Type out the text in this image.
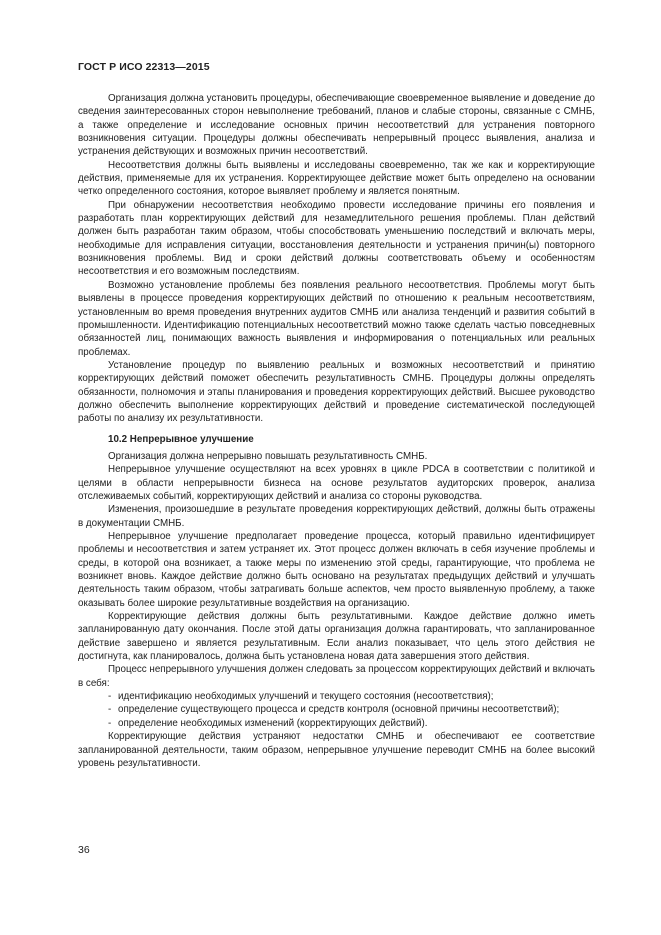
ГОСТ Р ИСО 22313—2015

Организация должна установить процедуры, обеспечивающие своевременное выявление и доведение до сведения заинтересованных сторон невыполнение требований, планов и слабые стороны, связанные с СМНБ, а также определение и исследование основных причин несоответствий для устранения повторного возникновения ситуации. Процедуры должны обеспечивать непрерывный процесс выявления, анализа и устранения действующих и возможных причин несоответствий.

Несоответствия должны быть выявлены и исследованы своевременно, так же как и корректирующие действия, применяемые для их устранения. Корректирующее действие может быть определено на основании четко определенного состояния, которое выявляет проблему и является понятным.

При обнаружении несоответствия необходимо провести исследование причины его появления и разработать план корректирующих действий для незамедлительного решения проблемы. План действий должен быть разработан таким образом, чтобы способствовать уменьшению последствий и включать меры, необходимые для исправления ситуации, восстановления деятельности и устранения причин(ы) повторного возникновения проблемы. Вид и сроки действий должны соответствовать объему и особенностям несоответствия и его возможным последствиям.

Возможно установление проблемы без появления реального несоответствия. Проблемы могут быть выявлены в процессе проведения корректирующих действий по отношению к реальным несоответствиям, установленным во время проведения внутренних аудитов СМНБ или анализа тенденций и развития событий в промышленности. Идентификацию потенциальных несоответствий можно также сделать частью повседневных обязанностей лиц, понимающих важность выявления и информирования о потенциальных или реальных проблемах.

Установление процедур по выявлению реальных и возможных несоответствий и принятию корректирующих действий поможет обеспечить результативность СМНБ. Процедуры должны определять обязанности, полномочия и этапы планирования и проведения корректирующих действий. Высшее руководство должно обеспечить выполнение корректирующих действий и проведение систематической последующей работы по анализу их результативности.

10.2 Непрерывное улучшение

Организация должна непрерывно повышать результативность СМНБ.

Непрерывное улучшение осуществляют на всех уровнях в цикле PDCA в соответствии с политикой и целями в области непрерывности бизнеса на основе результатов аудиторских проверок, анализа отслеживаемых событий, корректирующих действий и анализа со стороны руководства.

Изменения, произошедшие в результате проведения корректирующих действий, должны быть отражены в документации СМНБ.

Непрерывное улучшение предполагает проведение процесса, который правильно идентифицирует проблемы и несоответствия и затем устраняет их. Этот процесс должен включать в себя изучение проблемы и среды, в которой она возникает, а также меры по изменению этой среды, гарантирующие, что проблема не возникнет вновь. Каждое действие должно быть основано на результатах предыдущих действий и улучшать деятельность таким образом, чтобы затрагивать больше аспектов, чем просто выявленную проблему, а также оказывать более широкие результативные воздействия на организацию.

Корректирующие действия должны быть результативными. Каждое действие должно иметь запланированную дату окончания. После этой даты организация должна гарантировать, что запланированное действие завершено и является результативным. Если анализ показывает, что цель этого действия не достигнута, как планировалось, должна быть установлена новая дата завершения этого действия.

Процесс непрерывного улучшения должен следовать за процессом корректирующих действий и включать в себя:

- идентификацию необходимых улучшений и текущего состояния (несоответствия);
- определение существующего процесса и средств контроля (основной причины несоответствий);
- определение необходимых изменений (корректирующих действий).

Корректирующие действия устраняют недостатки СМНБ и обеспечивают ее соответствие запланированной деятельности, таким образом, непрерывное улучшение переводит СМНБ на более высокий уровень результативности.

36
